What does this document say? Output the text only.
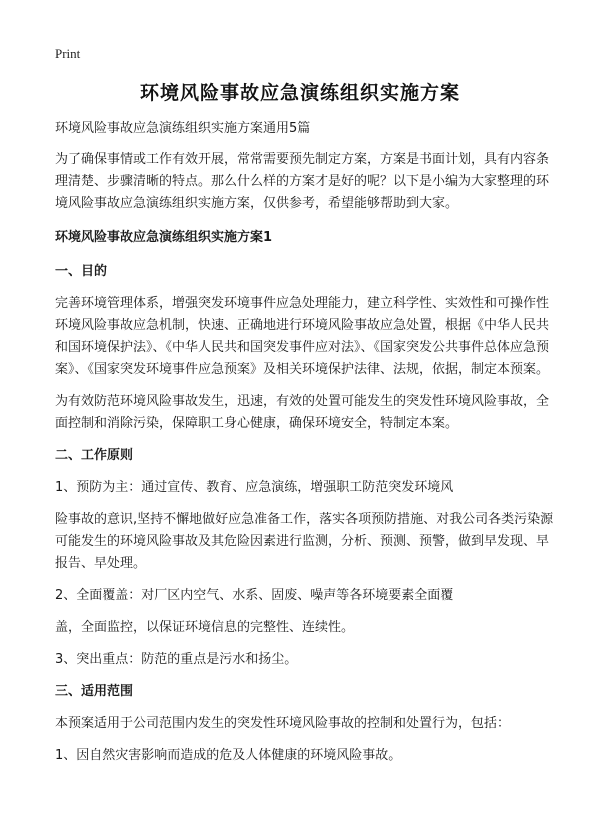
Print
环境风险事故应急演练组织实施方案

环境风险事故应急演练组织实施方案通用5篇

为了确保事情或工作有效开展，常常需要预先制定方案，方案是书面计划，具有内容条理清楚、步骤清晰的特点。那么什么样的方案才是好的呢？以下是小编为大家整理的环境风险事故应急演练组织实施方案，仅供参考，希望能够帮助到大家。

环境风险事故应急演练组织实施方案1

一、目的

完善环境管理体系，增强突发环境事件应急处理能力，建立科学性、实效性和可操作性环境风险事故应急机制，快速、正确地进行环境风险事故应急处置，根据《中华人民共和国环境保护法》、《中华人民共和国突发事件应对法》、《国家突发公共事件总体应急预案》、《国家突发环境事件应急预案》及相关环境保护法律、法规，依据，制定本预案。

为有效防范环境风险事故发生，迅速，有效的处置可能发生的突发性环境风险事故，全面控制和消除污染，保障职工身心健康，确保环境安全，特制定本案。

二、工作原则

1、预防为主：通过宣传、教育、应急演练，增强职工防范突发环境风

险事故的意识,坚持不懈地做好应急准备工作，落实各项预防措施、对我公司各类污染源可能发生的环境风险事故及其危险因素进行监测，分析、预测、预警，做到早发现、早报告、早处理。

2、全面覆盖：对厂区内空气、水系、固废、噪声等各环境要素全面覆

盖，全面监控，以保证环境信息的完整性、连续性。

3、突出重点：防范的重点是污水和扬尘。

三、适用范围

本预案适用于公司范围内发生的突发性环境风险事故的控制和处置行为，包括：

1、因自然灾害影响而造成的危及人体健康的环境风险事故。
